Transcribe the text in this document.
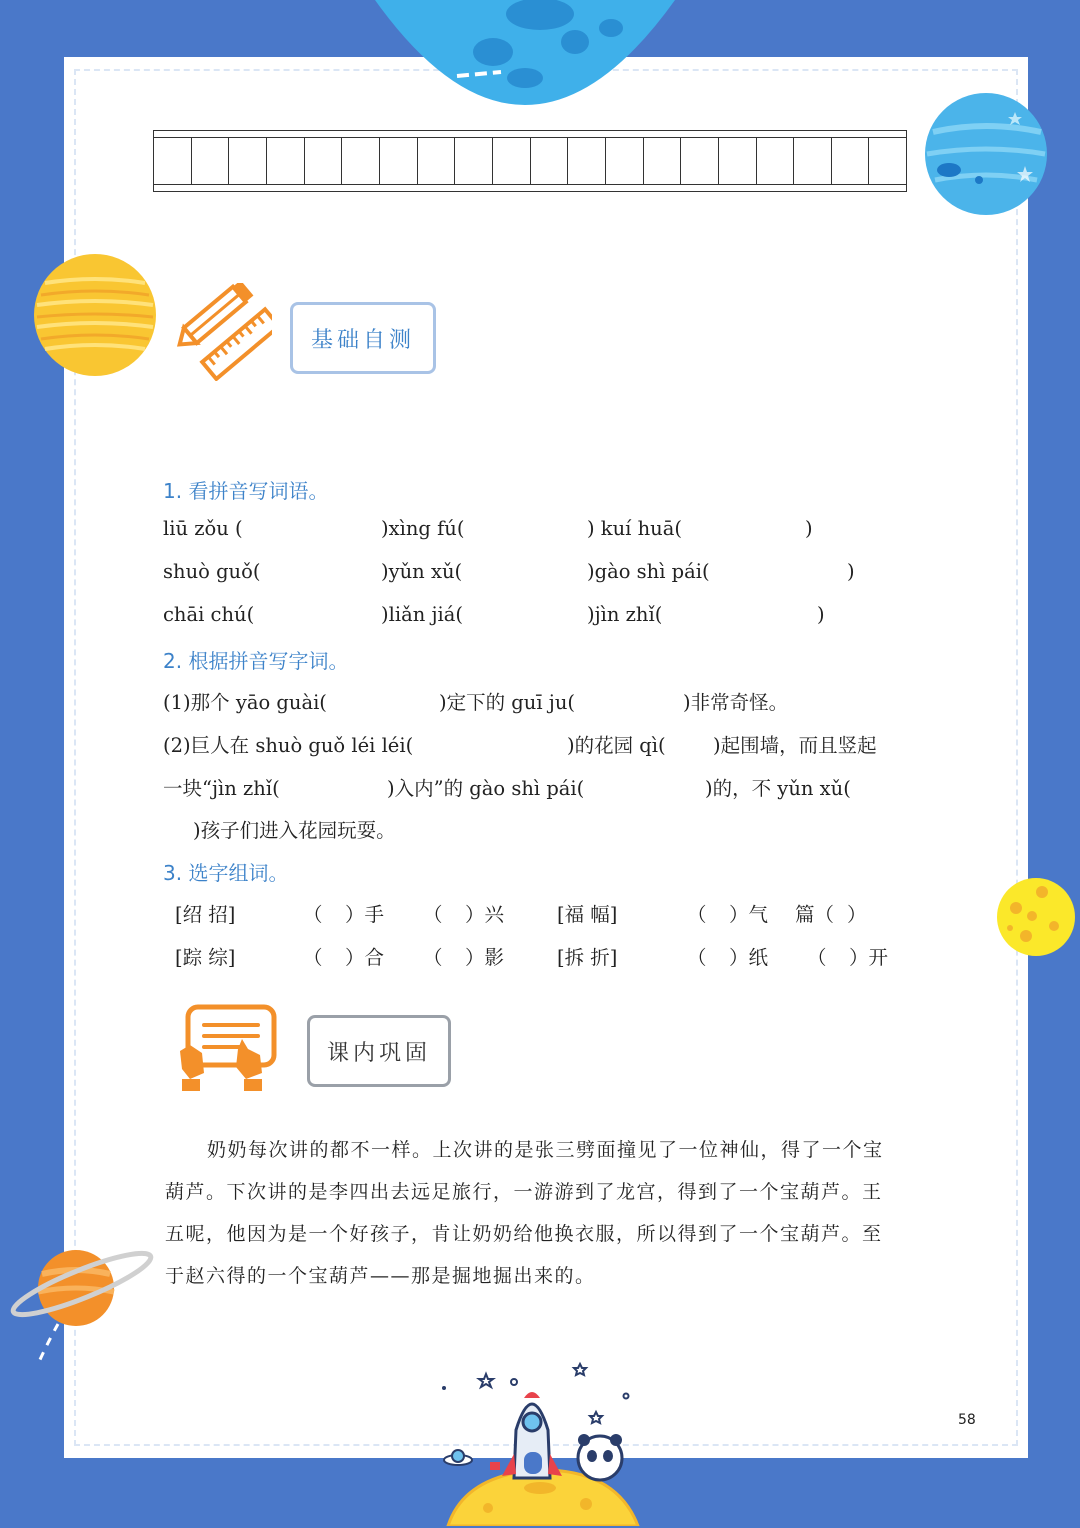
基础自测
1. 看拼音写词语。
liū zǒu (	)xìng fú(	) kuí huā(	)
shuò guǒ(	)yǔn xǔ(	)gào shì pái(	)
chāi chú(	)liǎn jiá(	)jìn zhǐ(	)
2. 根据拼音写字词。
(1)那个 yāo guài(	)定下的 guī ju(	)非常奇怪。
(2)巨人在 shuò guǒ léi léi(	)的花园 qì( )起围墙，而且竖起
一块“jìn zhǐ(	)入内”的 gào shì pái(	)的，不 yǔn xǔ(
)孩子们进入花园玩耍。
3. 选字组词。
[绍 招]	（ ）手 （ ）兴	[福 幅]	（ ）气 篇（ ）
[踪 综]	（ ）合 （ ）影	[拆 折]	（ ）纸 （ ）开
课内巩固
奶奶每次讲的都不一样。上次讲的是张三劈面撞见了一位神仙，得了一个宝
葫芦。下次讲的是李四出去远足旅行，一游游到了龙宫，得到了一个宝葫芦。王
五呢，他因为是一个好孩子，肯让奶奶给他换衣服，所以得到了一个宝葫芦。至
于赵六得的一个宝葫芦——那是掘地掘出来的。
58
